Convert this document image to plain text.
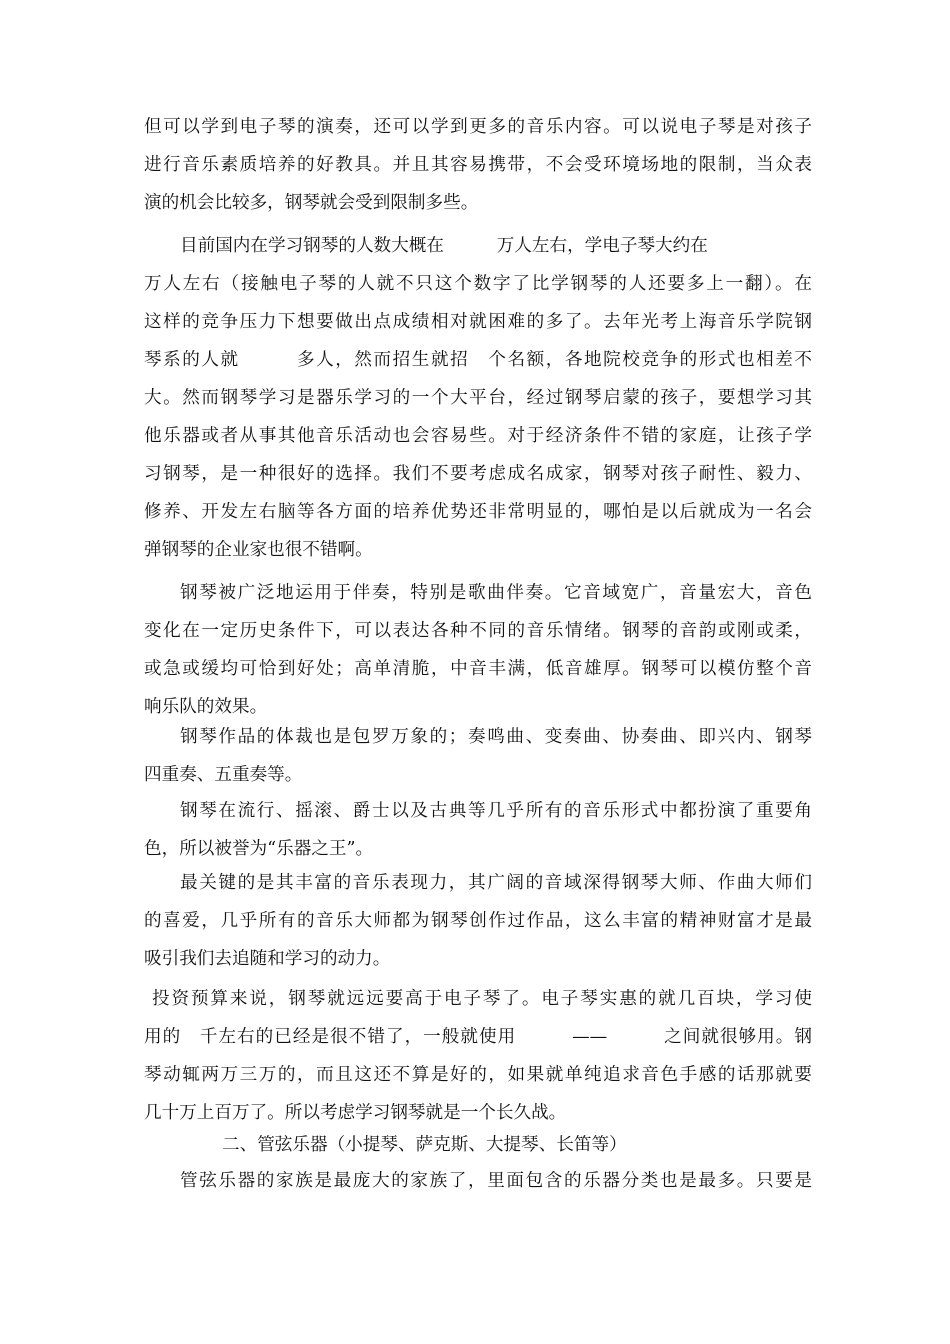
但可以学到电子琴的演奏，还可以学到更多的音乐内容。可以说电子琴是对孩子
进行音乐素质培养的好教具。并且其容易携带，不会受环境场地的限制，当众表
演的机会比较多，钢琴就会受到限制多些。
目前国内在学习钢琴的人数大概在　　　万人左右，学电子琴大约在
万人左右（接触电子琴的人就不只这个数字了比学钢琴的人还要多上一翻）。在
这样的竞争压力下想要做出点成绩相对就困难的多了。去年光考上海音乐学院钢
琴系的人就　　　多人，然而招生就招　个名额，各地院校竞争的形式也相差不
大。然而钢琴学习是器乐学习的一个大平台，经过钢琴启蒙的孩子，要想学习其
他乐器或者从事其他音乐活动也会容易些。对于经济条件不错的家庭，让孩子学
习钢琴，是一种很好的选择。我们不要考虑成名成家，钢琴对孩子耐性、毅力、
修养、开发左右脑等各方面的培养优势还非常明显的，哪怕是以后就成为一名会
弹钢琴的企业家也很不错啊。
钢琴被广泛地运用于伴奏，特别是歌曲伴奏。它音域宽广，音量宏大，音色
变化在一定历史条件下，可以表达各种不同的音乐情绪。钢琴的音韵或刚或柔，
或急或缓均可恰到好处；高单清脆，中音丰满，低音雄厚。钢琴可以模仿整个音
响乐队的效果。
钢琴作品的体裁也是包罗万象的；奏鸣曲、变奏曲、协奏曲、即兴内、钢琴
四重奏、五重奏等。
钢琴在流行、摇滚、爵士以及古典等几乎所有的音乐形式中都扮演了重要角
色，所以被誉为“乐器之王”。
最关键的是其丰富的音乐表现力，其广阔的音域深得钢琴大师、作曲大师们
的喜爱，几乎所有的音乐大师都为钢琴创作过作品，这么丰富的精神财富才是最
吸引我们去追随和学习的动力。
投资预算来说，钢琴就远远要高于电子琴了。电子琴实惠的就几百块，学习使
用的　千左右的已经是很不错了，一般就使用　　　——　　　之间就很够用。钢
琴动辄两万三万的，而且这还不算是好的，如果就单纯追求音色手感的话那就要
几十万上百万了。所以考虑学习钢琴就是一个长久战。
二、管弦乐器（小提琴、萨克斯、大提琴、长笛等）
管弦乐器的家族是最庞大的家族了，里面包含的乐器分类也是最多。只要是
